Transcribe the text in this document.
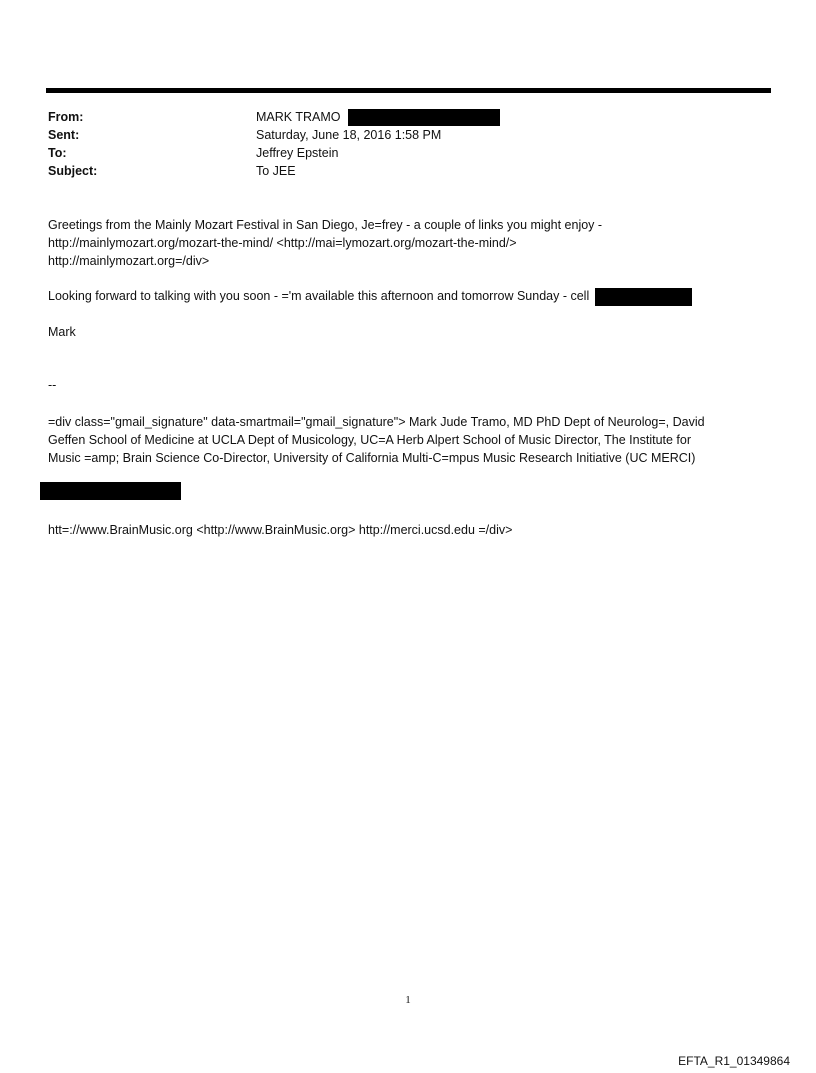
From:	MARK TRAMO
Sent:	Saturday, June 18, 2016 1:58 PM
To:	Jeffrey Epstein
Subject:	To JEE
Greetings from the Mainly Mozart Festival in San Diego, Je=frey - a couple of links you might enjoy -
http://mainlymozart.org/mozart-the-mind/ <http://mai=lymozart.org/mozart-the-mind/>
http://mainlymozart.org=/div>
Looking forward to talking with you soon - ='m available this afternoon and tomorrow Sunday - cell
Mark
--
=div class="gmail_signature" data-smartmail="gmail_signature"> Mark Jude Tramo, MD PhD Dept of Neurolog=, David
Geffen School of Medicine at UCLA Dept of Musicology, UC=A Herb Alpert School of Music Director, The Institute for
Music =amp; Brain Science Co-Director, University of California Multi-C=mpus Music Research Initiative (UC MERCI)
htt=://www.BrainMusic.org <http://www.BrainMusic.org> http://merci.ucsd.edu =/div>
1
EFTA_R1_01349864
